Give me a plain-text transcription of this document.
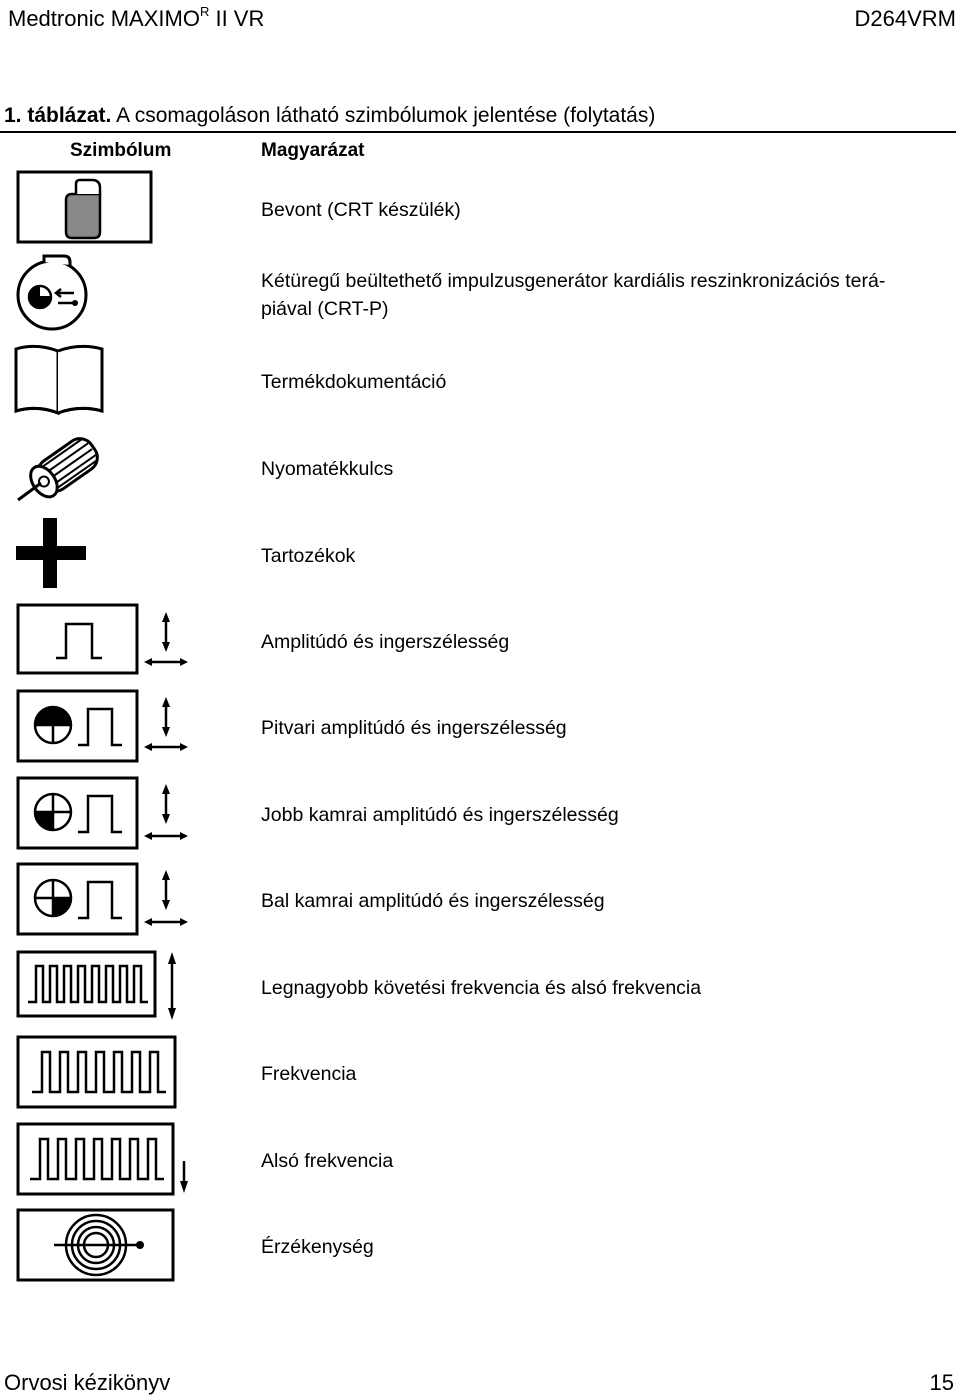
Medtronic $MAXIMO^R$ II VR	D264VRM
1. táblázat. A csomagoláson látható szimbólumok jelentése (folytatás)
Szimbólum	Magyarázat
Bevont (CRT készülék)
Kétüregű beültethető impulzusgenerátor kardiális reszinkronizációs terá-
piával (CRT-P)
Termékdokumentáció
Nyomatékkulcs
Tartozékok
Amplitúdó és ingerszélesség
Pitvari amplitúdó és ingerszélesség
Jobb kamrai amplitúdó és ingerszélesség
Bal kamrai amplitúdó és ingerszélesség
Legnagyobb követési frekvencia és alsó frekvencia
Frekvencia
Alsó frekvencia
Érzékenység
Orvosi kézikönyv	15
